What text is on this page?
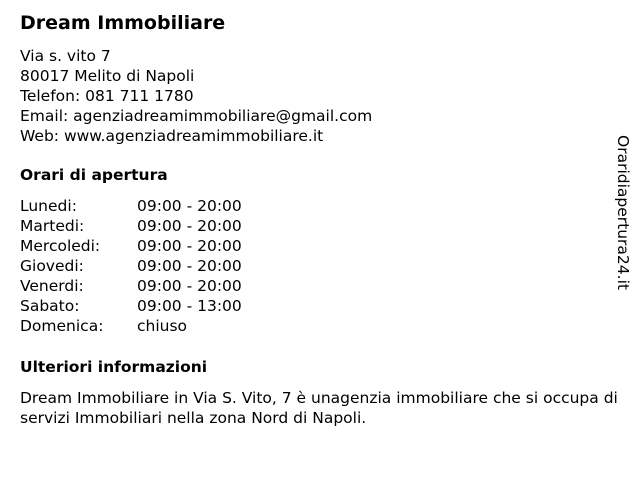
Dream Immobiliare
Via s. vito 7
80017 Melito di Napoli
Telefon: 081 711 1780
Email: agenziadreamimmobiliare@gmail.com
Web: www.agenziadreamimmobiliare.it
Orari di apertura
Lunedi:	09:00 - 20:00
Martedi:	09:00 - 20:00
Mercoledi:	09:00 - 20:00
Giovedi:	09:00 - 20:00
Venerdi:	09:00 - 20:00
Sabato:	09:00 - 13:00
Domenica:	chiuso
Ulteriori informazioni
Dream Immobiliare in Via S. Vito, 7 è unagenzia immobiliare che si occupa di servizi Immobiliari nella zona Nord di Napoli.
Oraridiapertura24.it
